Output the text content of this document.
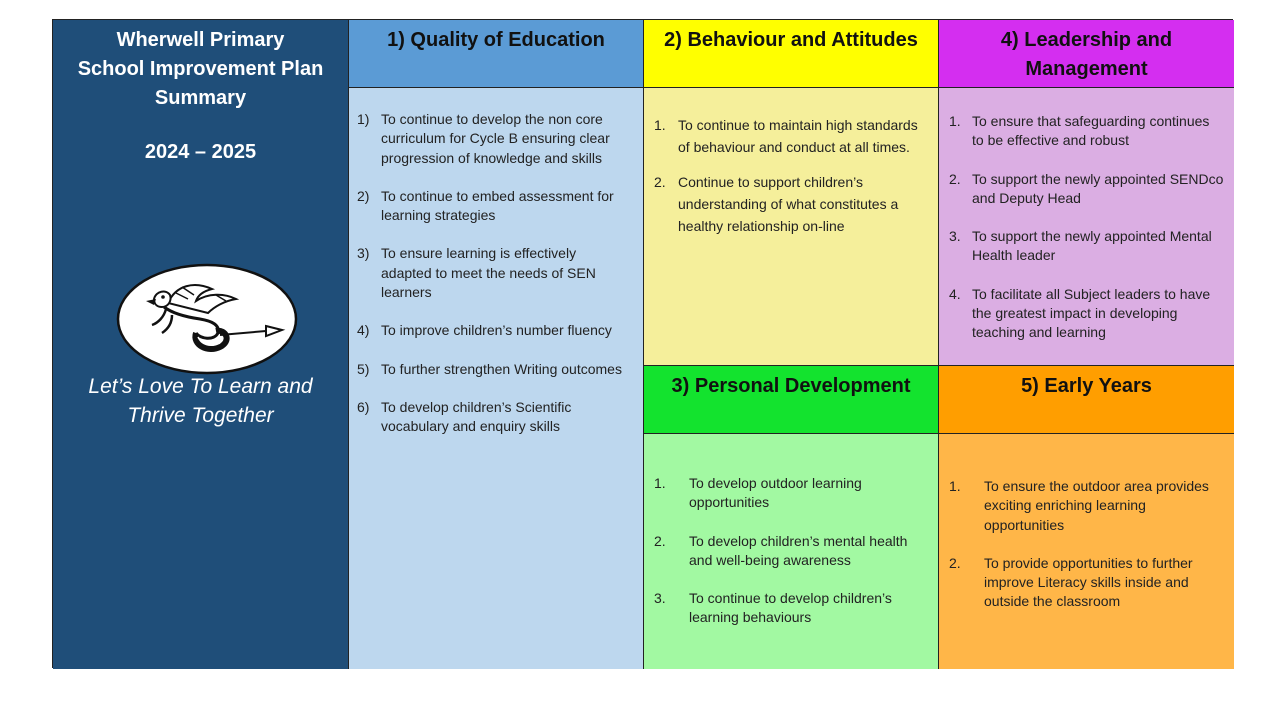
Wherwell Primary
School Improvement Plan
Summary
2024 – 2025
Let’s Love To Learn and
Thrive Together
1) Quality of Education	2) Behaviour and Attitudes	4) Leadership and
Management
1) To continue to develop the non core curriculum for Cycle B ensuring clear progression of knowledge and skills
2) To continue to embed assessment for learning strategies
3) To ensure learning is effectively adapted to meet the needs of SEN learners
4) To improve children’s number fluency
5) To further strengthen Writing outcomes
6) To develop children’s Scientific vocabulary and enquiry skills
1. To continue to maintain high standards of behaviour and conduct at all times.
2. Continue to support children’s understanding of what constitutes a healthy relationship on-line
1. To ensure that safeguarding continues to be effective and robust
2. To support the newly appointed SENDco and Deputy Head
3. To support the newly appointed Mental Health leader
4. To facilitate all Subject leaders to have the greatest impact in developing teaching and learning
3) Personal Development	5) Early Years
1.	To develop outdoor learning opportunities
2.	To develop children’s mental health and well-being awareness
3.	To continue to develop children’s learning behaviours
1.	To ensure the outdoor area provides exciting enriching learning opportunities
2.	To provide opportunities to further improve Literacy skills inside and outside the classroom
